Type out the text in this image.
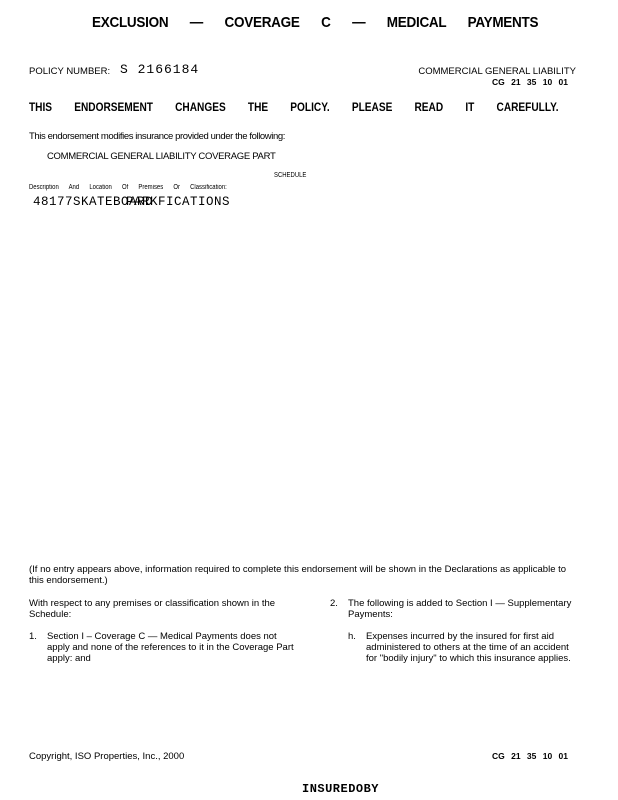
EXCLUSION — COVERAGE C — MEDICAL PAYMENTS
POLICY NUMBER: S 2166184	COMMERCIAL GENERAL LIABILITY
CG 21 35 10 01
THIS ENDORSEMENT CHANGES THE POLICY. PLEASE READ IT CAREFULLY.
This endorsement modifies insurance provided under the following:
COMMERCIAL GENERAL LIABILITY COVERAGE PART
SCHEDULE
Description And Location Of Premises Or Classification:
48177SKATEBOARD
PARKFICATIONS
(If no entry appears above, information required to complete this endorsement will be shown in the Declarations as applicable to this endorsement.)
With respect to any premises or classification shown in the Schedule:
1. Section I – Coverage C — Medical Payments does not apply and none of the references to it in the Coverage Part apply: and
2. The following is added to Section I — Supplementary Payments:
h. Expenses incurred by the insured for first aid administered to others at the time of an accident for "bodily injury" to which this insurance applies.
Copyright, ISO Properties, Inc., 2000	CG 21 35 10 01
INSUREDOBY
